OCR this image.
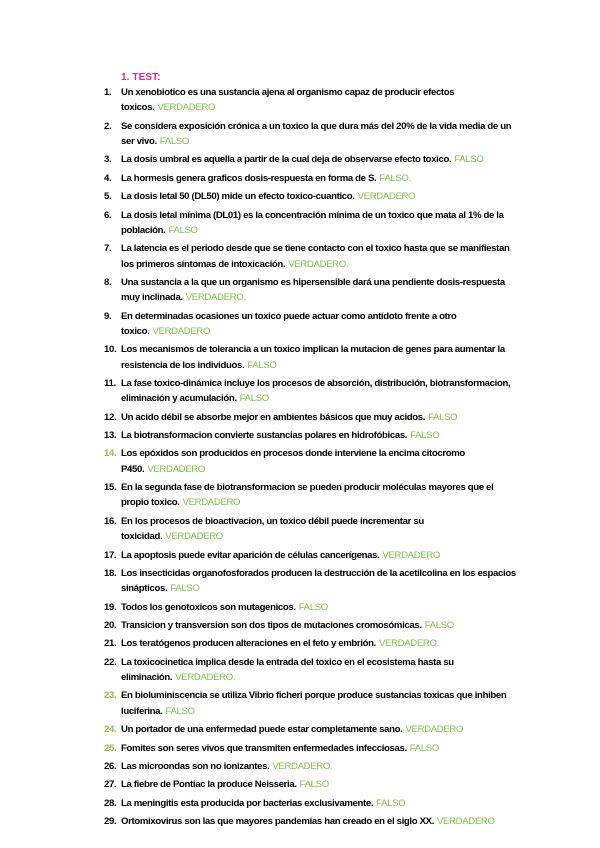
1. TEST:
1. Un xenobiotico es una sustancia ajena al organismo capaz de producir efectos toxicos. VERDADERO
2. Se considera exposición crónica a un toxico la que dura más del 20% de la vida media de un ser vivo. FALSO
3. La dosis umbral es aquella a partir de la cual deja de observarse efecto toxico. FALSO
4. La hormesis genera graficos dosis-respuesta en forma de S. FALSO.
5. La dosis letal 50 (DL50) mide un efecto toxico-cuantico. VERDADERO
6. La dosis letal mínima (DL01) es la concentración mínima de un toxico que mata al 1% de la población. FALSO
7. La latencia es el periodo desde que se tiene contacto con el toxico hasta que se manifiestan los primeros síntomas de intoxicación. VERDADERO.
8. Una sustancia a la que un organismo es hipersensible dará una pendiente dosis-respuesta muy inclinada. VERDADERO.
9. En determinadas ocasiones un toxico puede actuar como antídoto frente a otro toxico. VERDADERO
10. Los mecanismos de tolerancia a un toxico implican la mutacion de genes para aumentar la resistencia de los individuos. FALSO
11. La fase toxico-dinámica incluye los procesos de absorción, distribución, biotransformacion, eliminación y acumulación. FALSO
12. Un acido débil se absorbe mejor en ambientes básicos que muy acidos. FALSO
13. La biotransformacion convierte sustancias polares en hidrofóbicas. FALSO
14. Los epóxidos son producidos en procesos donde interviene la encima citocromo P450. VERDADERO
15. En la segunda fase de biotransformacion se pueden producir moléculas mayores que el propio toxico. VERDADERO
16. En los procesos de bioactivacion, un toxico débil puede incrementar su toxicidad. VERDADERO
17. La apoptosis puede evitar aparición de células cancerígenas. VERDADERO
18. Los insecticidas organofosforados producen la destrucción de la acetilcolina en los espacios sinápticos. FALSO
19. Todos los genotoxicos son mutagenicos. FALSO
20. Transicion y transversion son dos tipos de mutaciones cromosómicas. FALSO
21. Los teratógenos producen alteraciones en el feto y embrión. VERDADERO.
22. La toxicocinetica implica desde la entrada del toxico en el ecosistema hasta su eliminación. VERDADERO.
23. En bioluminiscencia se utiliza Vibrio ficheri porque produce sustancias toxicas que inhiben luciferina. FALSO
24. Un portador de una enfermedad puede estar completamente sano. VERDADERO
25. Fomites son seres vivos que transmiten enfermedades infecciosas. FALSO
26. Las microondas son no ionizantes. VERDADERO.
27. La fiebre de Pontiac la produce Neisseria. FALSO
28. La meningitis esta producida por bacterias exclusivamente. FALSO
29. Ortomixovirus son las que mayores pandemias han creado en el siglo XX. VERDADERO
